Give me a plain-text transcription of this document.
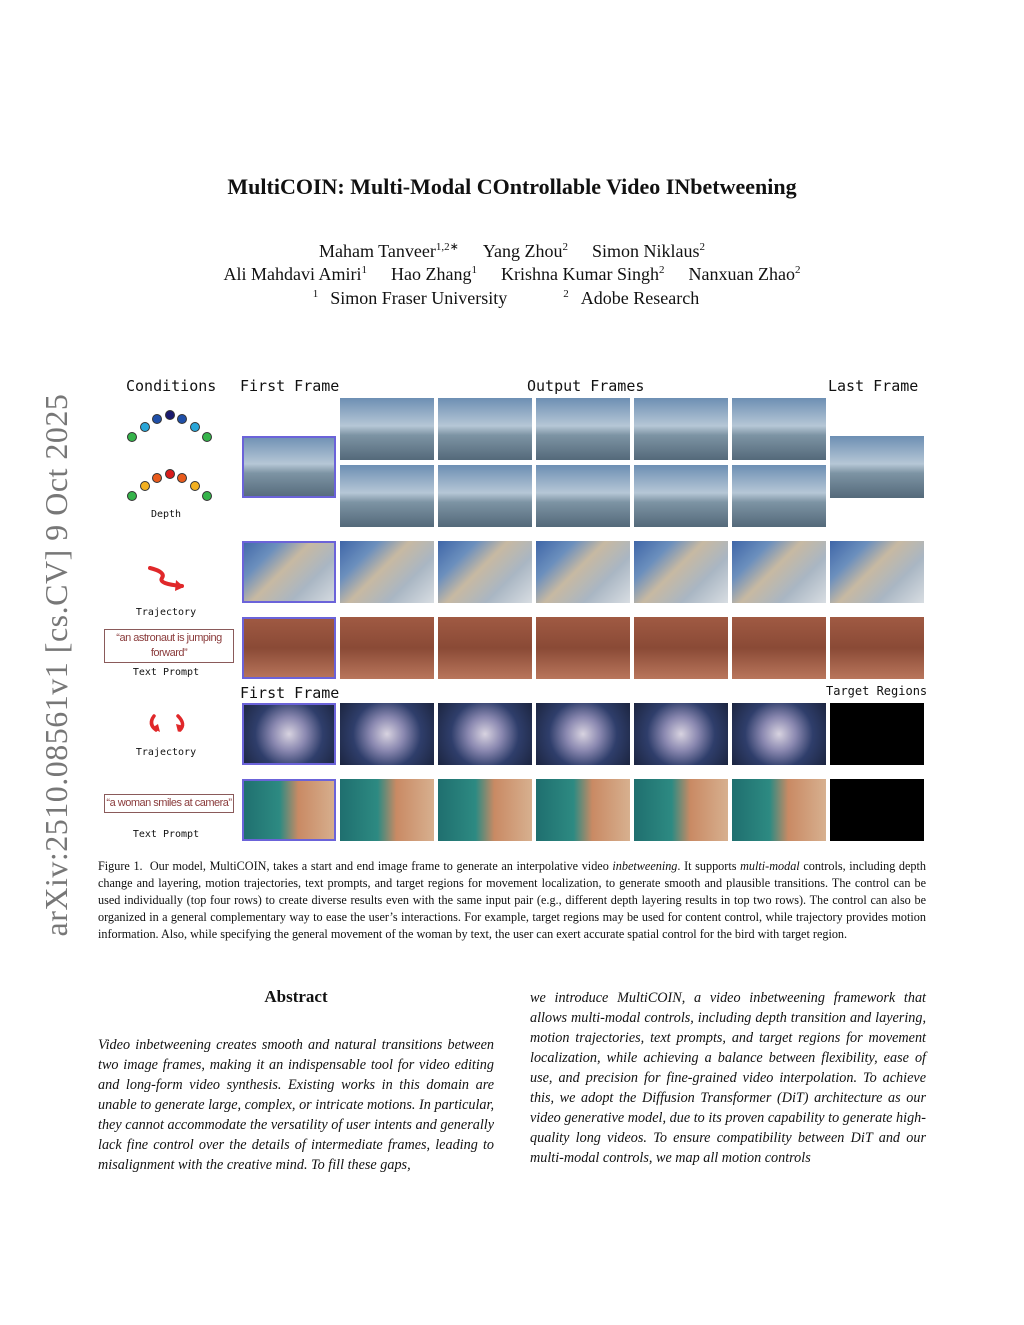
arXiv:2510.08561v1 [cs.CV] 9 Oct 2025
MultiCOIN: Multi-Modal COntrollable Video INbetweening
Maham Tanveer$^{1,2∗}$ Yang Zhou$^2$ Simon Niklaus$^2$
Ali Mahdavi Amiri$^1$ Hao Zhang$^1$ Krishna Kumar Singh$^2$ Nanxuan Zhao$^2$
$^1$ Simon Fraser University	$^2$ Adobe Research
Conditions First Frame	Output Frames	Last Frame
First Frame	Target Regions
Depth
Trajectory
“an astronaut is jumping forward”
Text Prompt
Trajectory
“a woman smiles at camera”
Text Prompt
Figure 1. Our model, MultiCOIN, takes a start and end image frame to generate an interpolative video inbetweening. It supports multi-modal controls, including depth change and layering, motion trajectories, text prompts, and target regions for movement localization, to generate smooth and plausible transitions. The control can be used individually (top four rows) to create diverse results even with the same input pair (e.g., different depth layering results in top two rows). The control can also be organized in a general complementary way to ease the user’s interactions. For example, target regions may be used for content control, while trajectory provides motion information. Also, while specifying the general movement of the woman by text, the user can exert accurate spatial control for the bird with target region.
Abstract
Video inbetweening creates smooth and natural transitions between two image frames, making it an indispensable tool for video editing and long-form video synthesis. Existing works in this domain are unable to generate large, complex, or intricate motions. In particular, they cannot accommodate the versatility of user intents and generally lack fine control over the details of intermediate frames, leading to misalignment with the creative mind. To fill these gaps,
we introduce MultiCOIN, a video inbetweening framework that allows multi-modal controls, including depth transition and layering, motion trajectories, text prompts, and target regions for movement localization, while achieving a balance between flexibility, ease of use, and precision for fine-grained video interpolation. To achieve this, we adopt the Diffusion Transformer (DiT) architecture as our video generative model, due to its proven capability to generate high-quality long videos. To ensure compatibility between DiT and our multi-modal controls, we map all motion controls
